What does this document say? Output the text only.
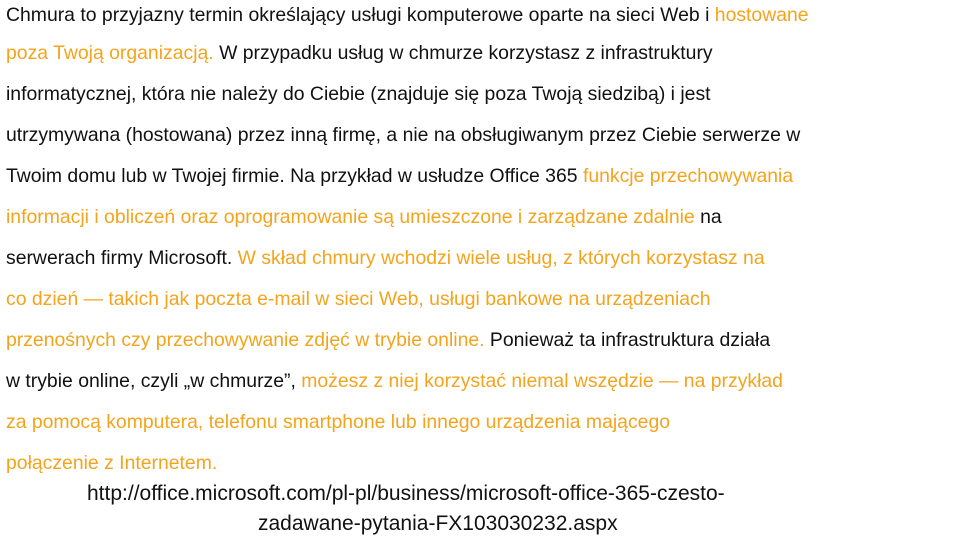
Chmura to przyjazny termin określający usługi komputerowe oparte na sieci Web i hostowane
poza Twoją organizacją. W przypadku usług w chmurze korzystasz z infrastruktury
informatycznej, która nie należy do Ciebie (znajduje się poza Twoją siedzibą) i jest
utrzymywana (hostowana) przez inną firmę, a nie na obsługiwanym przez Ciebie serwerze w
Twoim domu lub w Twojej firmie. Na przykład w usłudze Office 365 funkcje przechowywania
informacji i obliczeń oraz oprogramowanie są umieszczone i zarządzane zdalnie na
serwerach firmy Microsoft. W skład chmury wchodzi wiele usług, z których korzystasz na
co dzień — takich jak poczta e-mail w sieci Web, usługi bankowe na urządzeniach
przenośnych czy przechowywanie zdjęć w trybie online. Ponieważ ta infrastruktura działa
w trybie online, czyli „w chmurze”, możesz z niej korzystać niemal wszędzie — na przykład
za pomocą komputera, telefonu smartphone lub innego urządzenia mającego
połączenie z Internetem.
http://office.microsoft.com/pl-pl/business/microsoft-office-365-czesto-
zadawane-pytania-FX103030232.aspx
